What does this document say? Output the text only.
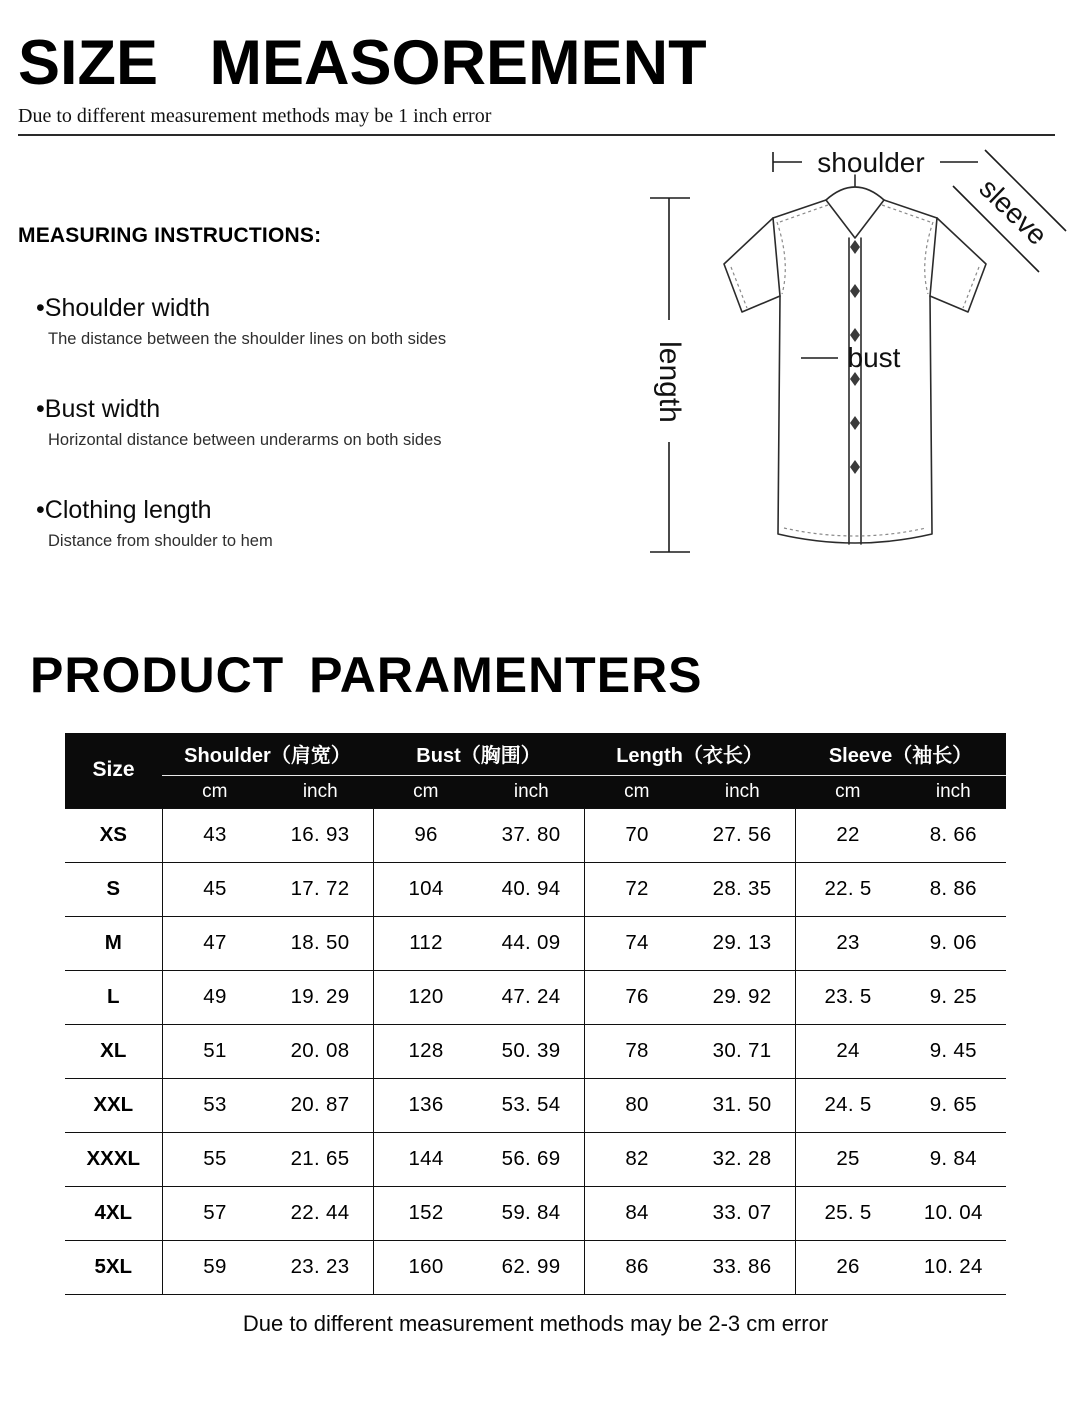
SIZE MEASOREMENT
Due to different measurement methods may be 1 inch error
MEASURING INSTRUCTIONS:
•Shoulder width
The distance between the shoulder lines on both sides
•Bust width
Horizontal distance between underarms on both sides
•Clothing length
Distance from shoulder to hem
length
shoulder
sleeve
bust
PRODUCT PARAMENTERS
Size	Shoulder（肩宽）		Bust（胸围）		Length（衣长）		Sleeve（袖长）	
	cm	inch	cm	inch	cm	inch	cm	inch
XS	43	16. 93	96	37. 80	70	27. 56	22	8. 66
S	45	17. 72	104	40. 94	72	28. 35	22. 5	8. 86
M	47	18. 50	112	44. 09	74	29. 13	23	9. 06
L	49	19. 29	120	47. 24	76	29. 92	23. 5	9. 25
XL	51	20. 08	128	50. 39	78	30. 71	24	9. 45
XXL	53	20. 87	136	53. 54	80	31. 50	24. 5	9. 65
XXXL	55	21. 65	144	56. 69	82	32. 28	25	9. 84
4XL	57	22. 44	152	59. 84	84	33. 07	25. 5	10. 04
5XL	59	23. 23	160	62. 99	86	33. 86	26	10. 24
Due to different measurement methods may be 2-3 cm error
